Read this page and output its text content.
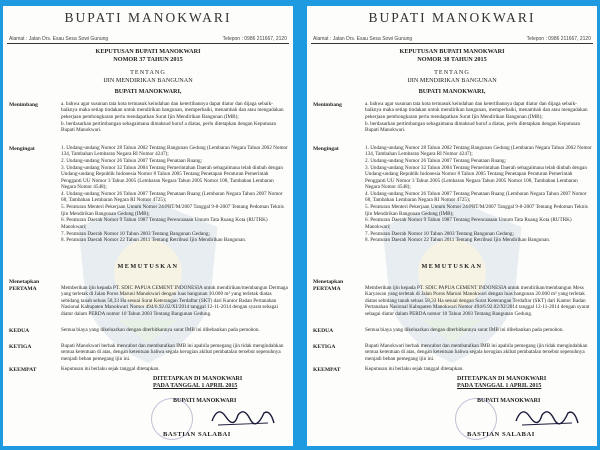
BUPATI MANOKWARI
Alamat : Jalan Drs. Esau Sesa Sowi Gunung	Telepon : 0986 211667, 2120
KEPUTUSAN BUPATI MANOKWARI
NOMOR 37 TAHUN 2015
TENTANG
IJIN MENDIRIKAN BANGUNAN
BUPATI MANOKWARI,
Menimbang	a. bahwa agar susunan tata kota termasuk keindahan dan ketertibannya dapat diatur dan dijaga sebaik-baiknya maka setiap tindakan untuk mendirikan bangunan, memperbaiki, menambah dan atau mengadakan pekerjaan pembongkaran perlu mendapatkan Surat Ijin Mendirikan Bangunan (IMB);

b. berdasarkan pertimbangan sebagaimana dimaksud huruf a diatas, perlu ditetapkan dengan Keputusan Bupati Manokwari.

Mengingat	1. Undang-undang Nomor 28 Tahun 2002 Tentang Bangunan Gedung (Lembaran Negara Tahun 2002 Nomor 134, Tambahan Lembaran Negara RI Nomor 4247);

2. Undang-undang Nomor 26 Tahun 2007 Tentang Penataan Ruang;

3. Undang-undang Nomor 32 Tahun 2004 Tentang Pemerintahan Daerah sebagaimana telah diubah dengan Undang-undang Republik Indonesia Nomor 8 Tahun 2005 Tentang Penetapan Peraturan Pemerintah Pengganti UU Nomor 3 Tahun 2005 (Lembaran Negara Tahun 2005 Nomor 108, Tambahan Lembaran Negara Nomor 4548);

4. Undang-undang Nomor 26 Tahun 2007 Tentang Penataan Ruang (Lembaran Negara Tahun 2007 Nomor 68, Tambahan Lembaran Negara RI Nomor 4725);

5. Peraturan Menteri Pekerjaan Umum Nomor 24/PRT/M/2007 Tanggal 9-8-2007 Tentang Pedoman Teknis Ijin Mendirikan Bangunan Gedung (IMB);

6. Peraturan Daerah Nomor 9 Tahun 1987 Tentang Perencanaan Umum Tata Ruang Kota (RUTRK) Manokwari;

7. Peraturan Daerah Nomor 10 Tahun 2003 Tentang Bangunan Gedung;

8. Peraturan Daerah Nomor 22 Tahun 2011 Tentang Retribusi Ijin Mendirikan Bangunan.

MEMUTUSKAN
Menetapkan
PERTAMA	Memberikan ijin kepada PT. SDIC PAPUA CEMENT INDONESIA untuk mendirikan/membangun Dermaga yang terletak di Jalan Poros Maruni Manokwari dengan luas bangunan 10.000 m² yang terletak diatas sebidang tanah seluas 58,33 Ha sesuai Surat Keterangan Terdaftar (SKT) dari Kantor Badan Pertanahan Nasional Kabupaten Manokwari Nomor 494/6.92.02/XI/2014 tanggal 12-11-2014 dengan syarat sebagai diatur dalam PERDA nomor 10 Tahun 2003 Tentang Bangunan Gedung.

KEDUA	Semua biaya yang dikeluarkan dengan diterbitkannya surat IMB ini dibebankan pada pemohon.

KETIGA	Bupati Manokwari berhak mencabut dan membatalkan IMB ini apabila pemegang ijin tidak mengindahkan semua ketentuan di atas, dengan ketentuan bahwa segala kerugian akibat pembatalan tersebut sepenuhnya menjadi beban pemegang ijin ini.

KEEMPAT	Keputusan ini berlaku sejak tanggal ditetapkan.

DITETAPKAN DI MANOKWARI
PADA TANGGAL 1 APRIL 2015
BUPATI MANOKWARI
BASTIAN SALABAI
BUPATI MANOKWARI
Alamat : Jalan Drs. Esau Sesa Sowi Gunung	Telepon : 0986 211667, 2120
KEPUTUSAN BUPATI MANOKWARI
NOMOR 38 TAHUN 2015
TENTANG
IJIN MENDIRIKAN BANGUNAN
BUPATI MANOKWARI,
Menimbang	a. bahwa agar susunan tata kota termasuk keindahan dan ketertibannya dapat diatur dan dijaga sebaik-baiknya maka setiap tindakan untuk mendirikan bangunan, memperbaiki, menambah dan atau mengadakan pekerjaan pembongkaran perlu mendapatkan Surat Ijin Mendirikan Bangunan (IMB);

b. berdasarkan pertimbangan sebagaimana dimaksud huruf a diatas, perlu ditetapkan dengan Keputusan Bupati Manokwari.

Mengingat	1. Undang-undang Nomor 28 Tahun 2002 Tentang Bangunan Gedung (Lembaran Negara Tahun 2002 Nomor 134, Tambahan Lembaran Negara RI Nomor 4247);

2. Undang-undang Nomor 26 Tahun 2007 Tentang Penataan Ruang;

3. Undang-undang Nomor 32 Tahun 2004 Tentang Pemerintahan Daerah sebagaimana telah diubah dengan Undang-undang Republik Indonesia Nomor 8 Tahun 2005 Tentang Penetapan Peraturan Pemerintah Pengganti UU Nomor 3 Tahun 2005 (Lembaran Negara Tahun 2005 Nomor 108, Tambahan Lembaran Negara Nomor 4548);

4. Undang-undang Nomor 26 Tahun 2007 Tentang Penataan Ruang (Lembaran Negara Tahun 2007 Nomor 68, Tambahan Lembaran Negara RI Nomor 4725);

5. Peraturan Menteri Pekerjaan Umum Nomor 24/PRT/M/2007 Tanggal 9-8-2007 Tentang Pedoman Teknis Ijin Mendirikan Bangunan Gedung (IMB);

6. Peraturan Daerah Nomor 9 Tahun 1987 Tentang Perencanaan Umum Tata Ruang Kota (RUTRK) Manokwari;

7. Peraturan Daerah Nomor 10 Tahun 2003 Tentang Bangunan Gedung;

8. Peraturan Daerah Nomor 22 Tahun 2011 Tentang Retribusi Ijin Mendirikan Bangunan.

MEMUTUSKAN
Menetapkan
PERTAMA	Memberikan ijin kepada PT. SDIC PAPUA CEMENT INDONESIA untuk mendirikan/membangun Mess Karyawan yang terletak di Jalan Poros Maruni Manokwari dengan luas bangunan 20.000 m² yang terletak diatas sebidang tanah seluas 58,33 Ha sesuai dengan Surat Keterangan Terdaftar (SKT) dari Kantor Badan Pertanahan Nasional Kabupaten Manokwari Nomor 494/6.92.02/XI/2014 tanggal 12-11-2014 dengan syarat sebagai diatur dalam PERDA nomor 10 Tahun 2003 Tentang Bangunan Gedung.

KEDUA	Semua biaya yang dikeluarkan dengan diterbitkannya surat IMB ini dibebankan pada pemohon.

KETIGA	Bupati Manokwari berhak mencabut dan membatalkan IMB ini apabila pemegang ijin tidak mengindahkan semua ketentuan di atas, dengan ketentuan bahwa segala kerugian akibat pembatalan tersebut sepenuhnya menjadi beban pemegang ijin ini.

KEEMPAT	Keputusan ini berlaku sejak tanggal ditetapkan.

DITETAPKAN DI MANOKWARI
PADA TANGGAL 1 APRIL 2015
BUPATI MANOKWARI
BASTIAN SALABAI
